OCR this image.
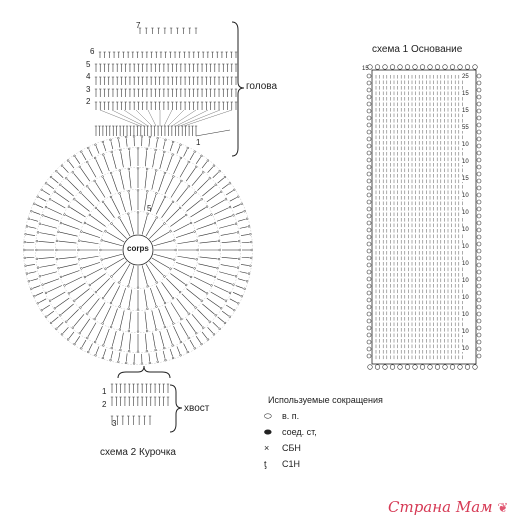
7
6
5
4
3
2
1
голова
corps
5
1
2
3
хвост
схема 2 Курочка
схема 1 Основание
15
25
15
15
55
10
10
15
10
10
10
10
10
10
10
10
10
10
Используемые сокращения
⬭	в. п.
⬬	соед. ст,
×	СБН
ƫ	С1Н
Страна Мам ❦
